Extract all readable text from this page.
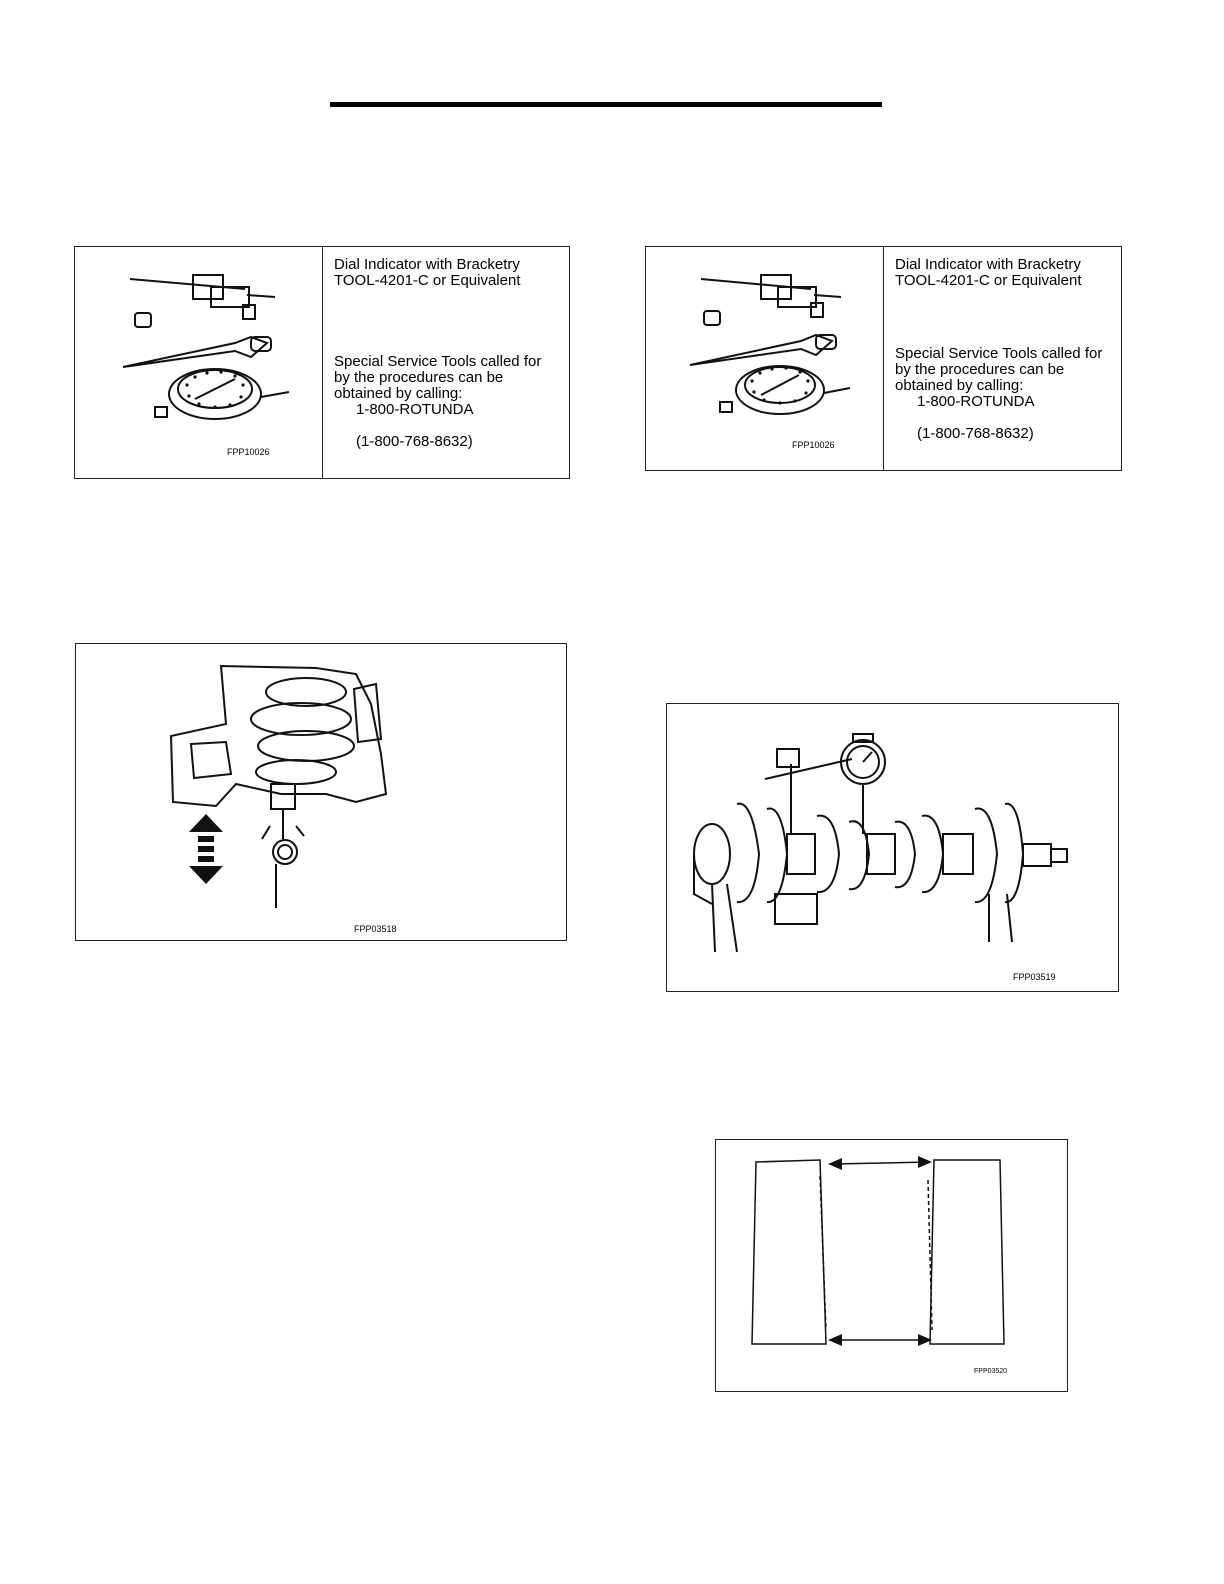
FPP10026
Dial Indicator with Bracketry
TOOL-4201-C or Equivalent

Special Service Tools called for
by the procedures can be
obtained by calling:

1-800-ROTUNDA

(1-800-768-8632)	FPP10026
Dial Indicator with Bracketry
TOOL-4201-C or Equivalent

Special Service Tools called for
by the procedures can be
obtained by calling:

1-800-ROTUNDA

(1-800-768-8632)

FPP03518
FPP03519
FPP03520
